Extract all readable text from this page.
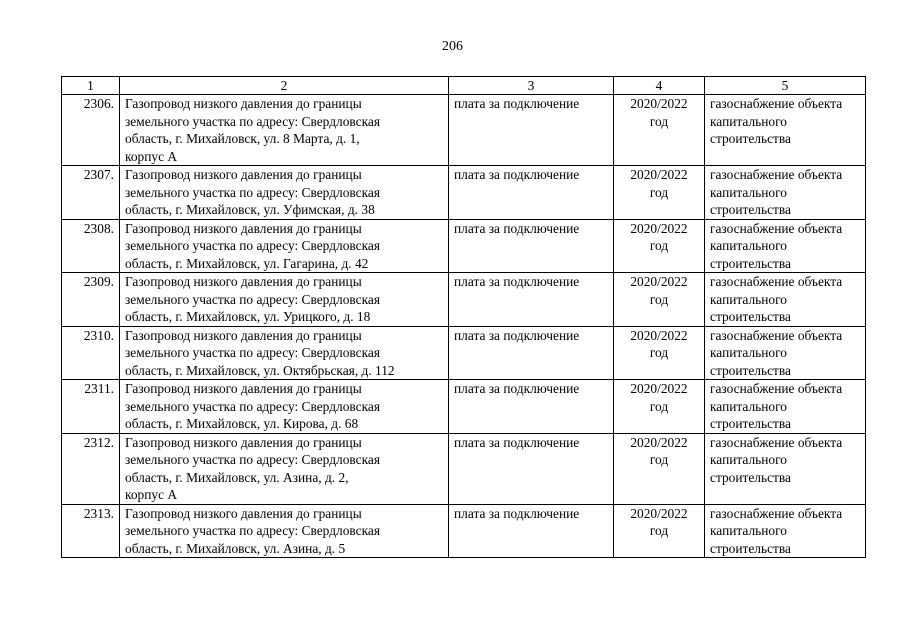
206
1	2	3	4	5
2306.	Газопровод низкого давления до границы
земельного участка по адресу: Свердловская
область, г. Михайловск, ул. 8 Марта, д. 1,
корпус А	плата за подключение	2020/2022
год	газоснабжение объекта
капитального
строительства

2307.	Газопровод низкого давления до границы
земельного участка по адресу: Свердловская
область, г. Михайловск, ул. Уфимская, д. 38	плата за подключение	2020/2022
год	газоснабжение объекта
капитального
строительства

2308.	Газопровод низкого давления до границы
земельного участка по адресу: Свердловская
область, г. Михайловск, ул. Гагарина, д. 42	плата за подключение	2020/2022
год	газоснабжение объекта
капитального
строительства

2309.	Газопровод низкого давления до границы
земельного участка по адресу: Свердловская
область, г. Михайловск, ул. Урицкого, д. 18	плата за подключение	2020/2022
год	газоснабжение объекта
капитального
строительства

2310.	Газопровод низкого давления до границы
земельного участка по адресу: Свердловская
область, г. Михайловск, ул. Октябрьская, д. 112	плата за подключение	2020/2022
год	газоснабжение объекта
капитального
строительства

2311.	Газопровод низкого давления до границы
земельного участка по адресу: Свердловская
область, г. Михайловск, ул. Кирова, д. 68	плата за подключение	2020/2022
год	газоснабжение объекта
капитального
строительства

2312.	Газопровод низкого давления до границы
земельного участка по адресу: Свердловская
область, г. Михайловск, ул. Азина, д. 2,
корпус А	плата за подключение	2020/2022
год	газоснабжение объекта
капитального
строительства

2313.	Газопровод низкого давления до границы
земельного участка по адресу: Свердловская
область, г. Михайловск, ул. Азина, д. 5	плата за подключение	2020/2022
год	газоснабжение объекта
капитального
строительства
